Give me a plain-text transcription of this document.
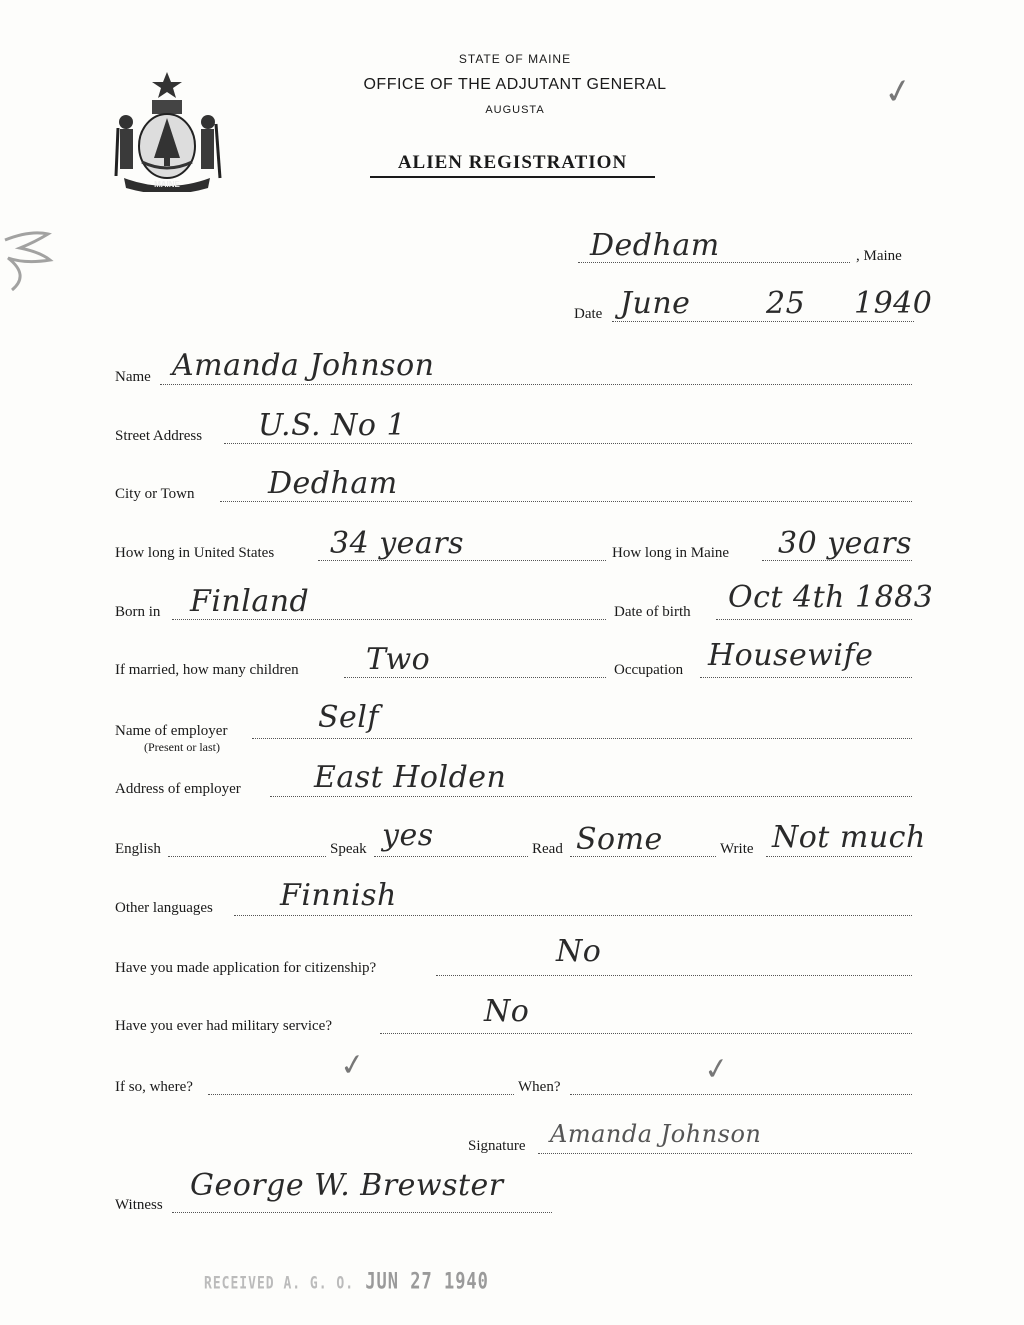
MAINE
STATE OF MAINE
OFFICE OF THE ADJUTANT GENERAL
AUGUSTA
ALIEN REGISTRATION
✓
Dedham	, Maine
Date June	25 1940
Name Amanda Johnson
Street Address U.S. No 1
City or Town Dedham
How long in United States 34 years	How long in Maine 30 years
Born in Finland	Date of birth Oct 4th 1883
If married, how many children Two	Occupation Housewife
Name of employer
(Present or last)
Self
Address of employer East Holden
English	Speak yes	Read Some	Write Not much
Other languages Finnish
Have you made application for citizenship?	No
Have you ever had military service?	No
If so, where?
✓
When?	✓
Signature Amanda Johnson
Witness
George W. Brewster
RECEIVED A. G. O. JUN 27 1940
